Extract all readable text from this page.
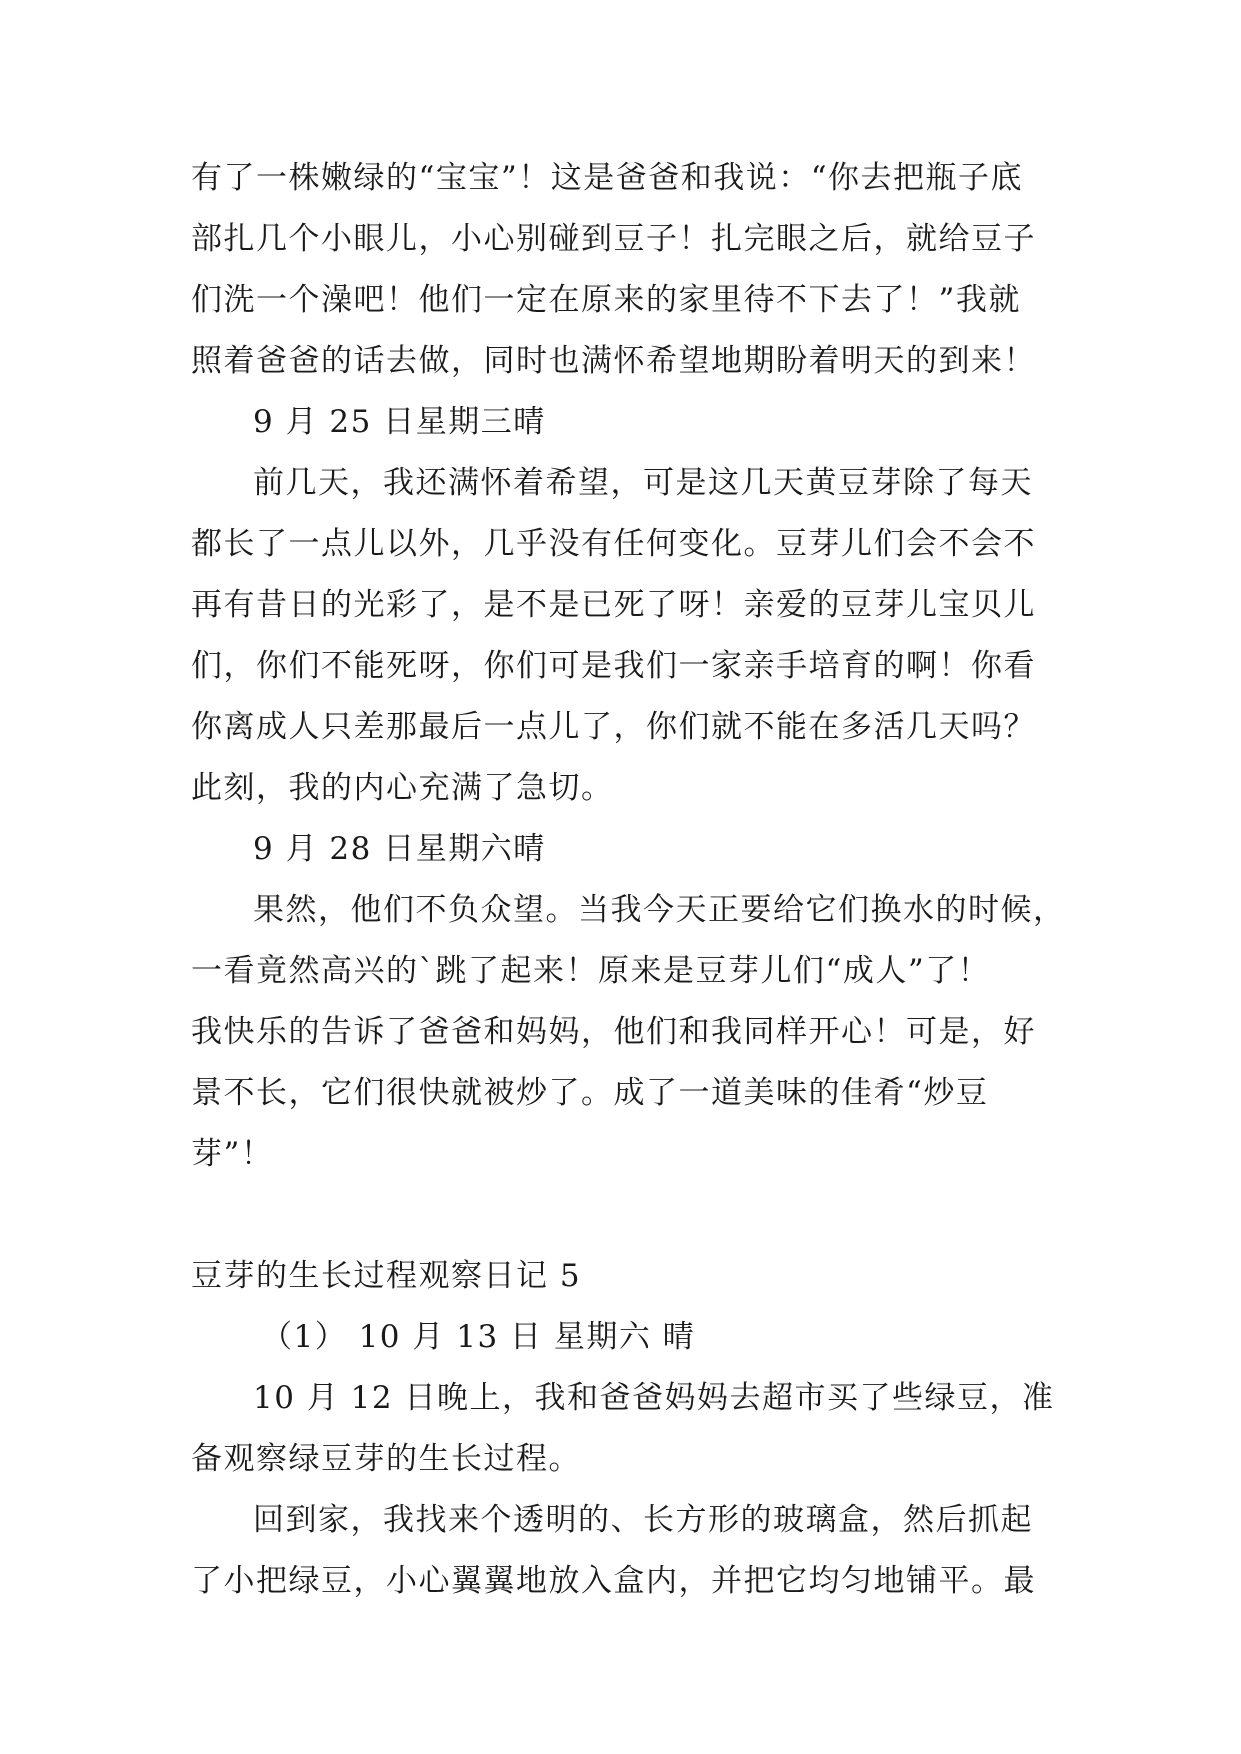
有了一株嫩绿的“宝宝”！这是爸爸和我说：“你去把瓶子底
部扎几个小眼儿，小心别碰到豆子！扎完眼之后，就给豆子
们洗一个澡吧！他们一定在原来的家里待不下去了！”我就
照着爸爸的话去做，同时也满怀希望地期盼着明天的到来！
9 月 25 日星期三晴
前几天，我还满怀着希望，可是这几天黄豆芽除了每天
都长了一点儿以外，几乎没有任何变化。豆芽儿们会不会不
再有昔日的光彩了，是不是已死了呀！亲爱的豆芽儿宝贝儿
们，你们不能死呀，你们可是我们一家亲手培育的啊！你看
你离成人只差那最后一点儿了，你们就不能在多活几天吗？
此刻，我的内心充满了急切。
9 月 28 日星期六晴
果然，他们不负众望。当我今天正要给它们换水的时候，
一看竟然高兴的`跳了起来！原来是豆芽儿们“成人”了！
我快乐的告诉了爸爸和妈妈，他们和我同样开心！可是，好
景不长，它们很快就被炒了。成了一道美味的佳肴“炒豆
芽”！
豆芽的生长过程观察日记 5
（1） 10 月 13 日 星期六 晴
10 月 12 日晚上，我和爸爸妈妈去超市买了些绿豆，准
备观察绿豆芽的生长过程。
回到家，我找来个透明的、长方形的玻璃盒，然后抓起
了小把绿豆，小心翼翼地放入盒内，并把它均匀地铺平。最
